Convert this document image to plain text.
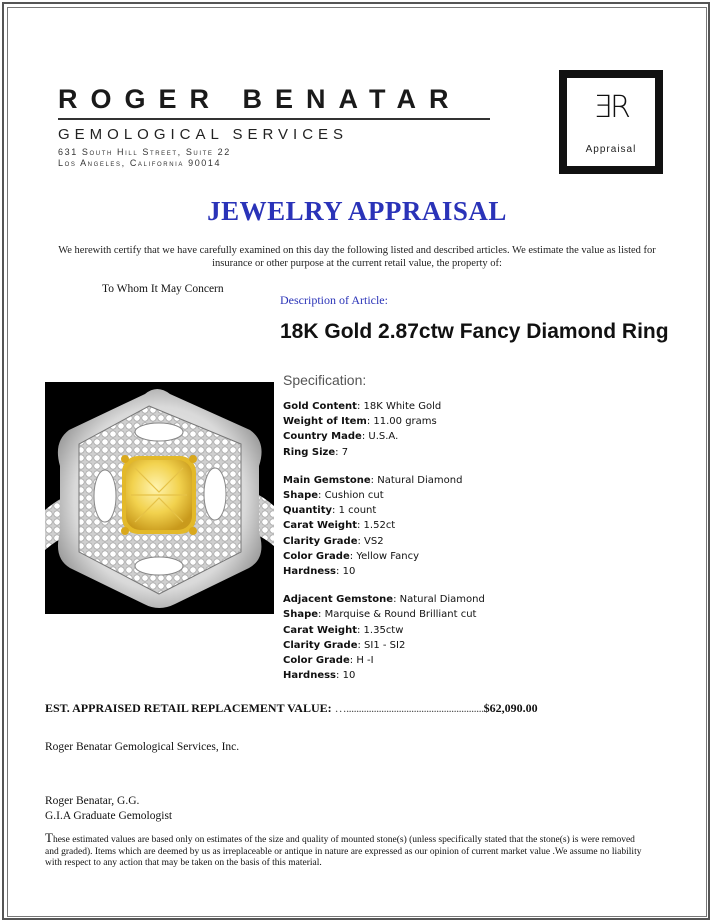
ROGER BENATAR
GEMOLOGICAL SERVICES
631 South Hill Street, Suite 22
Los Angeles, California 90014
ƎR
Appraisal
JEWELRY APPRAISAL
We herewith certify that we have carefully examined on this day the following listed and described articles. We estimate the value as listed for insurance or other purpose at the current retail value, the property of:
To Whom It May Concern
Description of Article:
18K Gold 2.87ctw Fancy Diamond Ring
Specification:
Gold Content: 18K White Gold
Weight of Item: 11.00 grams
Country Made: U.S.A.
Ring Size: 7
Main Gemstone: Natural Diamond
Shape: Cushion cut
Quantity: 1 count
Carat Weight: 1.52ct
Clarity Grade: VS2
Color Grade: Yellow Fancy
Hardness: 10
Adjacent Gemstone: Natural Diamond
Shape: Marquise & Round Brilliant cut
Carat Weight: 1.35ctw
Clarity Grade: SI1 - SI2
Color Grade: H -I
Hardness: 10
EST. APPRAISED RETAIL REPLACEMENT VALUE: ….......................................................$62,090.00
Roger Benatar Gemological Services, Inc.
Roger Benatar, G.G.
G.I.A Graduate Gemologist
These estimated values are based only on estimates of the size and quality of mounted stone(s) (unless specifically stated that the stone(s) is were removed and graded). Items which are deemed by us as irreplaceable or antique in nature are expressed as our opinion of current market value .We assume no liability with respect to any action that may be taken on the basis of this material.
